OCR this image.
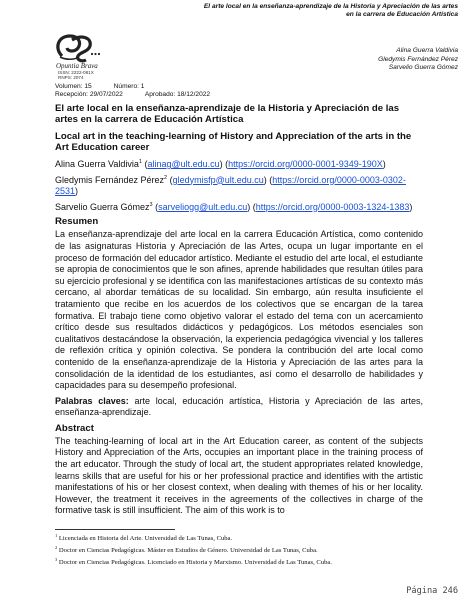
El arte local en la enseñanza-aprendizaje de la Historia y Apreciación de las artes en la carrera de Educación Artística
Alina Guerra Valdivia
Gledymis Fernández Pérez
Sarvelio Guerra Gómez
Opuntia Brava
ISSN: 2222-081X
RNPS: 2074
Volumen: 15	Número: 1
Recepción: 29/07/2022	Aprobado: 18/12/2022
El arte local en la enseñanza-aprendizaje de la Historia y Apreciación de las artes en la carrera de Educación Artística
Local art in the teaching-learning of History and Appreciation of the arts in the Art Education career
Alina Guerra Valdivia$^1$ (alinag@ult.edu.cu) (https://orcid.org/0000-0001-9349-190X)
Gledymis Fernández Pérez$^2$ (gledymisfp@ult.edu.cu) (https://orcid.org/0000-0003-0302-2531)
Sarvelio Guerra Gómez$^3$ (sarveliogg@ult.edu.cu) (https://orcid.org/0000-0003-1324-1383)
Resumen

La enseñanza-aprendizaje del arte local en la carrera Educación Artística, como contenido de las asignaturas Historia y Apreciación de las Artes, ocupa un lugar importante en el proceso de formación del educador artístico. Mediante el estudio del arte local, el estudiante se apropia de conocimientos que le son afines, aprende habilidades que resultan útiles para su ejercicio profesional y se identifica con las manifestaciones artísticas de su contexto más cercano, al abordar temáticas de su localidad. Sin embargo, aún resulta insuficiente el tratamiento que recibe en los acuerdos de los colectivos que se encargan de la tarea formativa. El trabajo tiene como objetivo valorar el estado del tema con un acercamiento crítico desde sus resultados didácticos y pedagógicos. Los métodos esenciales son cualitativos destacándose la observación, la experiencia pedagógica vivencial y los talleres de reflexión crítica y opinión colectiva. Se pondera la contribución del arte local como contenido de la enseñanza-aprendizaje de la Historia y Apreciación de las artes para la consolidación de la identidad de los estudiantes, así como el desarrollo de habilidades y capacidades para su desempeño profesional.

Palabras claves: arte local, educación artística, Historia y Apreciación de las artes, enseñanza-aprendizaje.

Abstract

The teaching-learning of local art in the Art Education career, as content of the subjects History and Appreciation of the Arts, occupies an important place in the training process of the art educator. Through the study of local art, the student appropriates related knowledge, learns skills that are useful for his or her professional practice and identifies with the artistic manifestations of his or her closest context, when dealing with themes of his or her locality. However, the treatment it receives in the agreements of the collectives in charge of the formative task is still insufficient. The aim of this work is to

$^1$ Licenciada en Historia del Arte. Universidad de Las Tunas, Cuba.
$^2$ Doctor en Ciencias Pedagógicas. Máster en Estudios de Género. Universidad de Las Tunas, Cuba.
$^3$ Doctor en Ciencias Pedagógicas. Licenciado en Historia y Marxismo. Universidad de Las Tunas, Cuba.
Página 246
